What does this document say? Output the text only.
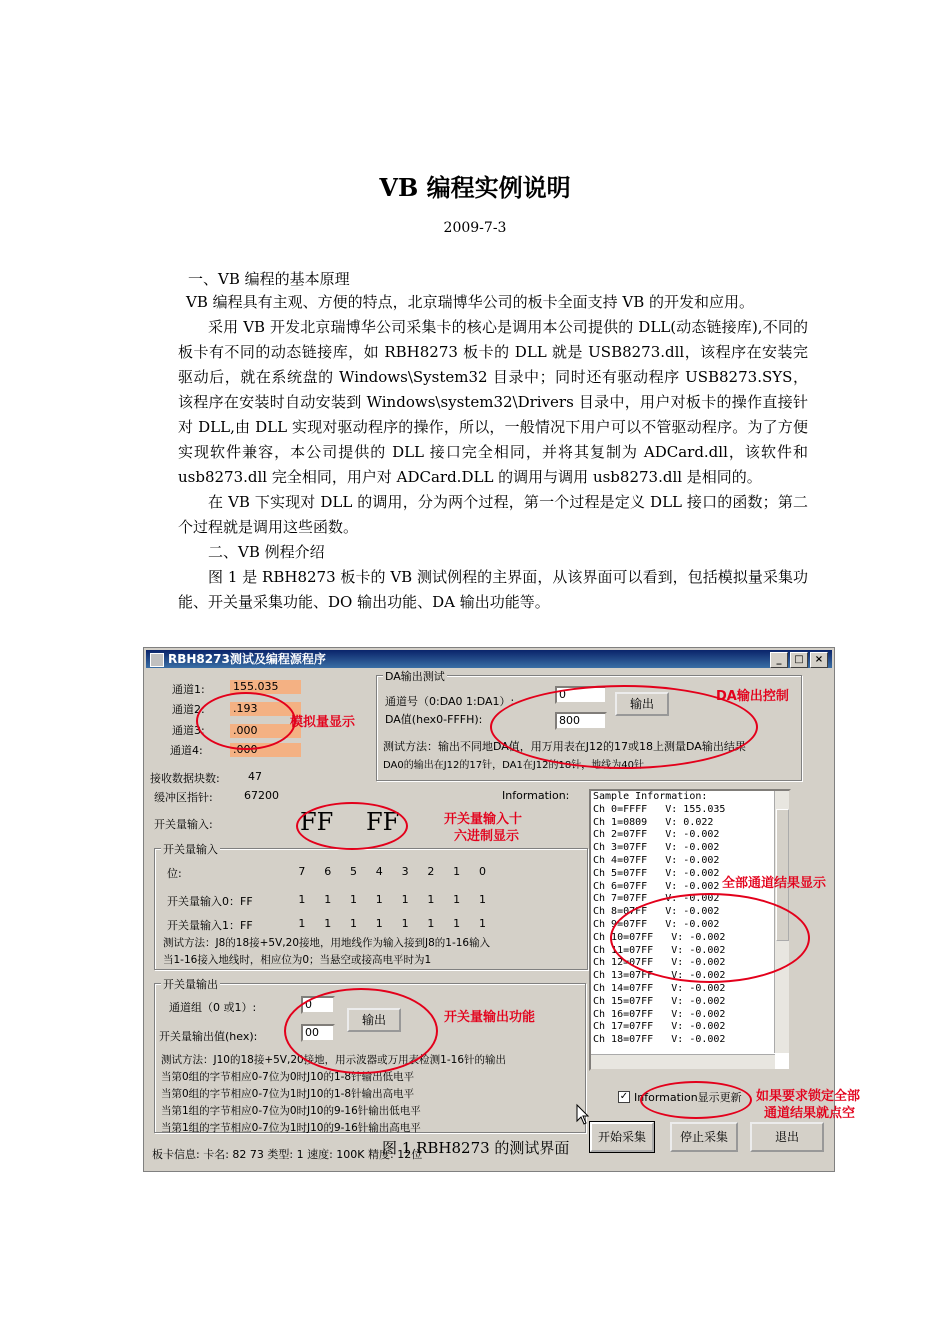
VB 编程实例说明
2009-7-3
一、VB 编程的基本原理

VB 编程具有主观、方便的特点，北京瑞博华公司的板卡全面支持 VB 的开发和应用。

采用 VB 开发北京瑞博华公司采集卡的核心是调用本公司提供的 DLL(动态链接库),不同的板卡有不同的动态链接库，如 RBH8273 板卡的 DLL 就是 USB8273.dll，该程序在安装完驱动后，就在系统盘的 Windows\System32 目录中；同时还有驱动程序 USB8273.SYS，该程序在安装时自动安装到 Windows\system32\Drivers 目录中，用户对板卡的操作直接针对 DLL,由 DLL 实现对驱动程序的操作，所以，一般情况下用户可以不管驱动程序。为了方便实现软件兼容，本公司提供的 DLL 接口完全相同，并将其复制为 ADCard.dll，该软件和 usb8273.dll 完全相同，用户对 ADCard.DLL 的调用与调用 usb8273.dll 是相同的。

在 VB 下实现对 DLL 的调用，分为两个过程，第一个过程是定义 DLL 接口的函数；第二个过程就是调用这些函数。

二、VB 例程介绍

图 1 是 RBH8273 板卡的 VB 测试例程的主界面，从该界面可以看到，包括模拟量采集功能、开关量采集功能、DO 输出功能、DA 输出功能等。

RBH8273测试及编程源程序	_	□	×
通道1:	155.035
通道2:	.193
通道3:	.000
通道4:	.000
DA输出测试
通道号（0:DA0 1:DA1）:
0
DA值(hex0-FFFH):	800
输出
测试方法：输出不同地DA值，用万用表在J12的17或18上测量DA输出结果
DA0的输出在J12的17针，DA1在J12的18针，地线为40针
接收数据块数:	47
缓冲区指针:	67200	Information:
开关量输入:	FF FF
开关量输入
位:	7	6	5	4	3	2	1	0
开关量输入0：FF	1	1	1	1	1	1	1	1
开关量输入1：FF	1	1	1	1	1	1	1	1
测试方法：J8的18接+5V,20接地，用地线作为输入接到J8的1-16输入
当1-16接入地线时，相应位为0；当悬空或接高电平时为1
开关量输出
通道组（0 或1）:	0
开关量输出值(hex):	00
输出
测试方法：J10的18接+5V,20接地，用示波器或万用表检测1-16针的输出
当第0组的字节相应0-7位为0时J10的1-8针输出低电平
当第0组的字节相应0-7位为1时J10的1-8针输出高电平
当第1组的字节相应0-7位为0时J10的9-16针输出低电平
当第1组的字节相应0-7位为1时J10的9-16针输出高电平
Sample Information:
Ch 0=FFFF   V: 155.035
Ch 1=0809   V: 0.022
Ch 2=07FF   V: -0.002
Ch 3=07FF   V: -0.002
Ch 4=07FF   V: -0.002
Ch 5=07FF   V: -0.002
Ch 6=07FF   V: -0.002
Ch 7=07FF   V: -0.002
Ch 8=07FF   V: -0.002
Ch 9=07FF   V: -0.002
Ch 10=07FF   V: -0.002
Ch 11=07FF   V: -0.002
Ch 12=07FF   V: -0.002
Ch 13=07FF   V: -0.002
Ch 14=07FF   V: -0.002
Ch 15=07FF   V: -0.002
Ch 16=07FF   V: -0.002
Ch 17=07FF   V: -0.002
Ch 18=07FF   V: -0.002
✓ Information显示更新
开始采集	停止采集	退出
板卡信息: 卡名: 82 73 类型: 1 速度: 100K 精度: 12位
模拟量显示
DA输出控制
开关量输入十
六进制显示
全部通道结果显示
开关量输出功能
如果要求锁定全部
通道结果就点空
图 1 RBH8273 的测试界面
